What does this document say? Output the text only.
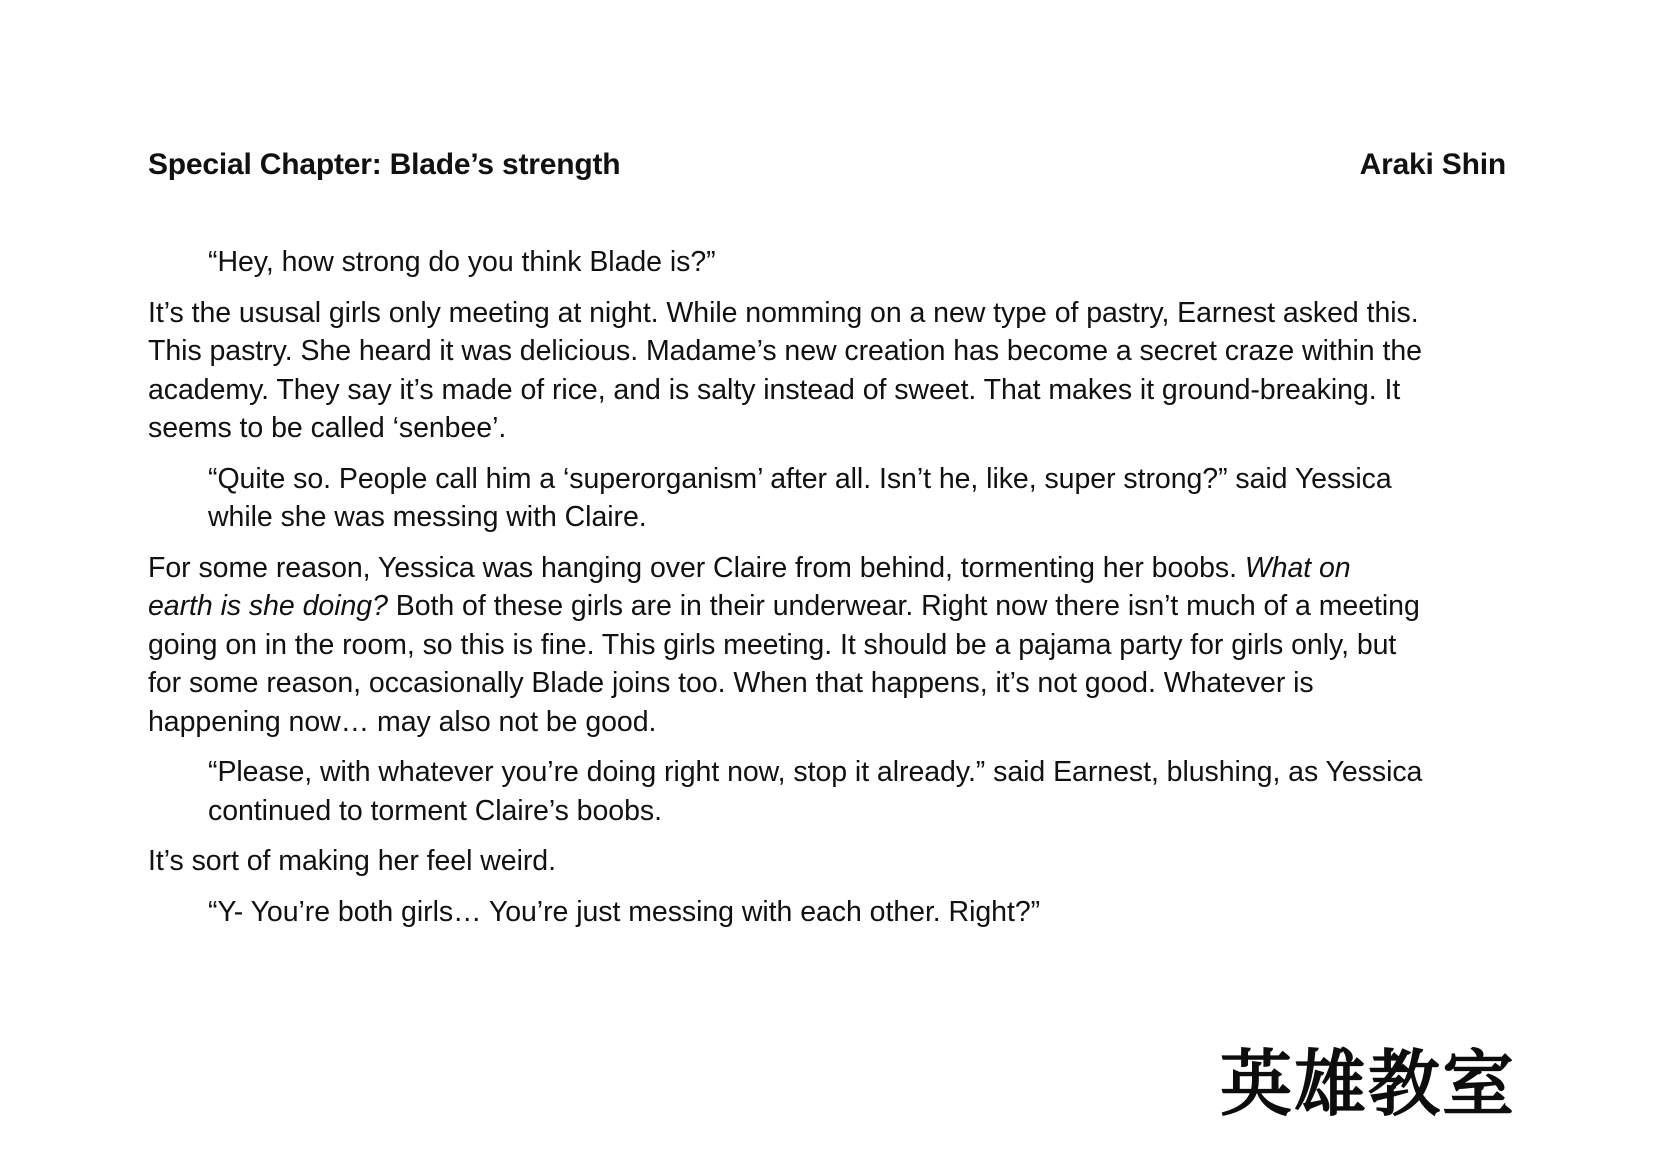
Special Chapter: Blade’s strength	Araki Shin

“Hey, how strong do you think Blade is?”

It’s the ususal girls only meeting at night. While nomming on a new type of pastry, Earnest asked this. This pastry. She heard it was delicious. Madame’s new creation has become a secret craze within the academy. They say it’s made of rice, and is salty instead of sweet. That makes it ground-breaking. It seems to be called ‘senbee’.

“Quite so. People call him a ‘superorganism’ after all. Isn’t he, like, super strong?” said Yessica while she was messing with Claire.

For some reason, Yessica was hanging over Claire from behind, tormenting her boobs. What on earth is she doing? Both of these girls are in their underwear. Right now there isn’t much of a meeting going on in the room, so this is fine. This girls meeting. It should be a pajama party for girls only, but for some reason, occasionally Blade joins too. When that happens, it’s not good. Whatever is happening now… may also not be good.

“Please, with whatever you’re doing right now, stop it already.” said Earnest, blushing, as Yessica continued to torment Claire’s boobs.

It’s sort of making her feel weird.

“Y- You’re both girls… You’re just messing with each other. Right?”

英雄教室
